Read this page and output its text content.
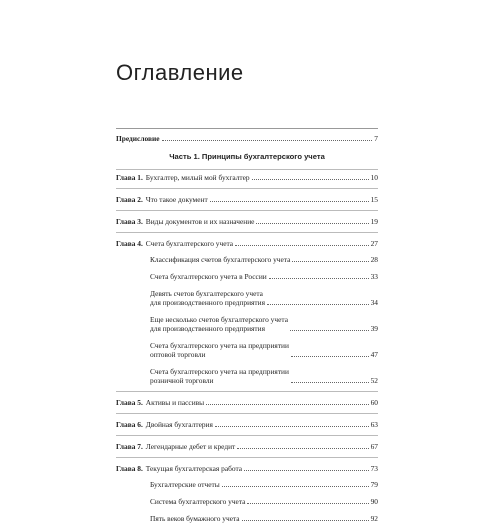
Оглавление
Предисловие	7
Часть 1. Принципы бухгалтерского учета
Глава 1. Бухгалтер, милый мой бухгалтер	10
Глава 2. Что такое документ	15
Глава 3. Виды документов и их назначение	19
Глава 4. Счета бухгалтерского учета	27
Классификация счетов бухгалтерского учета	28
Счета бухгалтерского учета в России	33
Девять счетов бухгалтерского учета
для производственного предприятия	34
Еще несколько счетов бухгалтерского учета
для производственного предприятия	39
Счета бухгалтерского учета на предприятии
оптовой торговли	47
Счета бухгалтерского учета на предприятии
розничной торговли	52
Глава 5. Активы и пассивы	60
Глава 6. Двойная бухгалтерия	63
Глава 7. Легендарные дебет и кредит	67
Глава 8. Текущая бухгалтерская работа	73
Бухгалтерские отчеты	79
Система бухгалтерского учета	90
Пять веков бумажного учета	92
